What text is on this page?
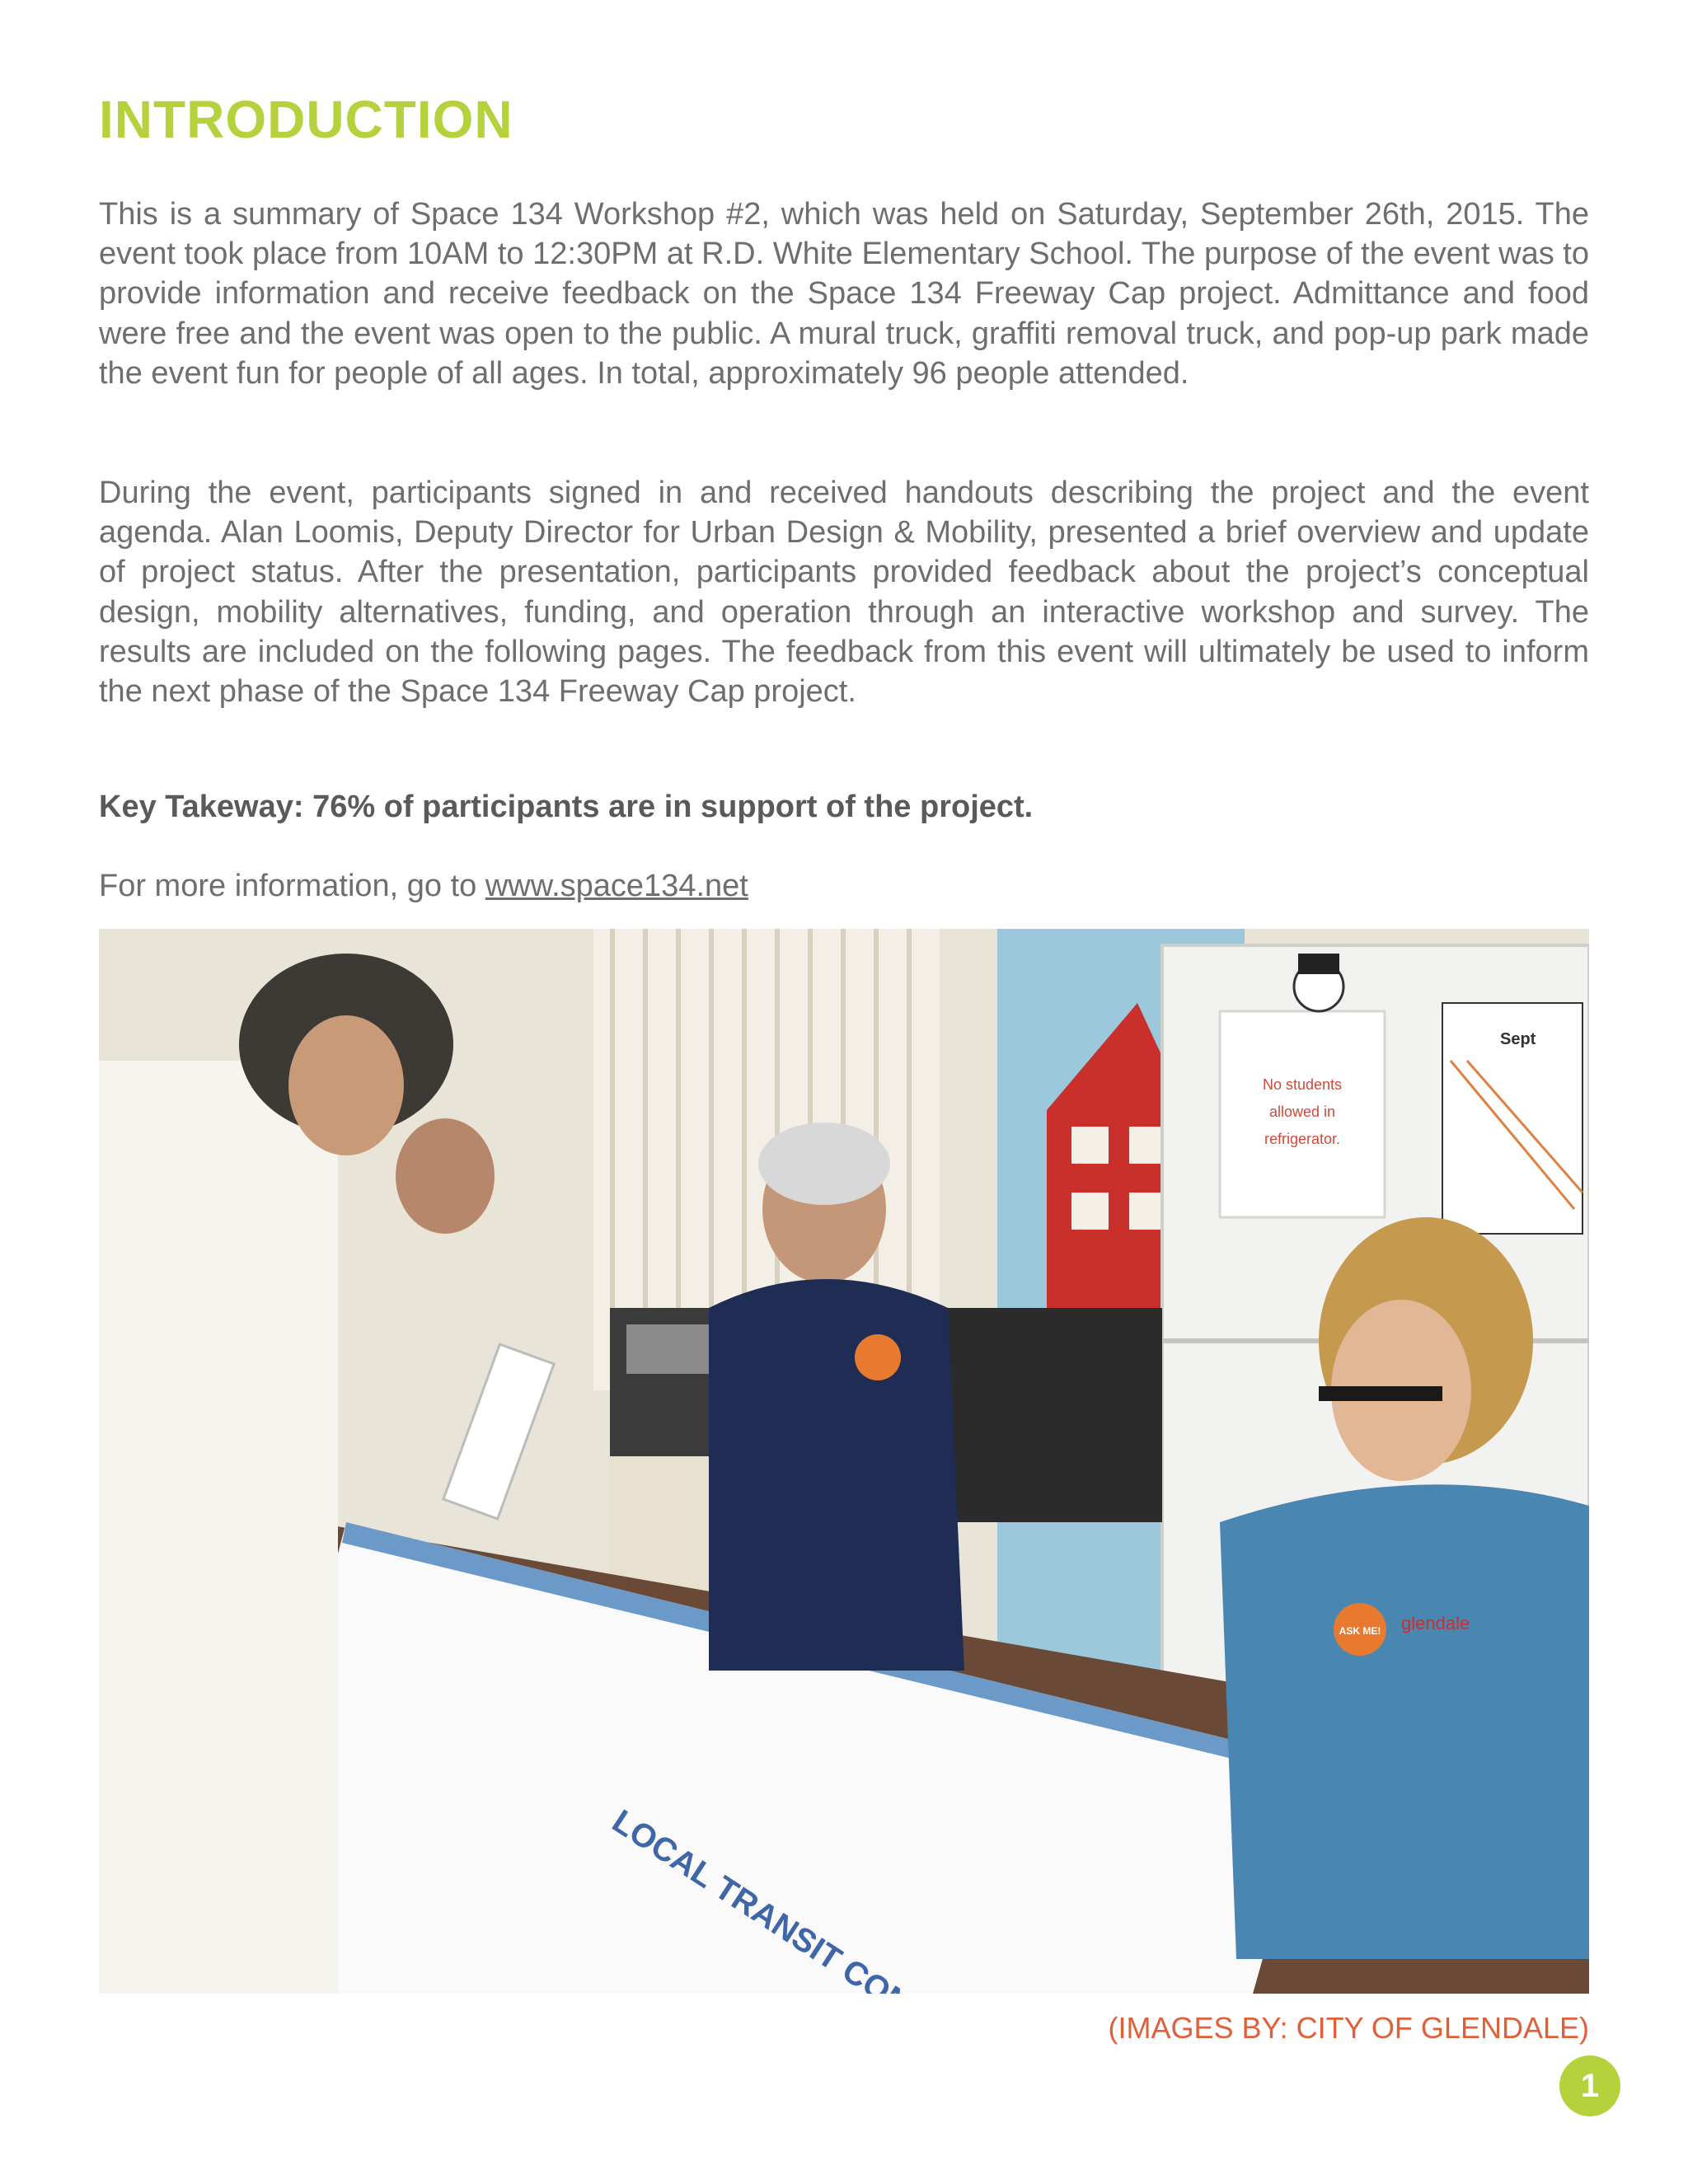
INTRODUCTION

This is a summary of Space 134 Workshop #2, which was held on Saturday, September 26th, 2015. The event took place from 10AM to 12:30PM at R.D. White Elementary School. The purpose of the event was to provide information and receive feedback on the Space 134 Freeway Cap project. Admittance and food were free and the event was open to the public. A mural truck, graffiti removal truck, and pop-up park made the event fun for people of all ages. In total, approximately 96 people attended.

During the event, participants signed in and received handouts describing the project and the event agenda. Alan Loomis, Deputy Director for Urban Design & Mobility, presented a brief overview and update of project status. After the presentation, participants provided feedback about the project’s conceptual design, mobility alternatives, funding, and operation through an interactive workshop and survey. The results are included on the following pages. The feedback from this event will ultimately be used to inform the next phase of the Space 134 Freeway Cap project.

Key Takeway: 76% of participants are in support of the project.

For more information, go to www.space134.net

No students
allowed in
refrigerator.
Sept
glendale
ASK ME!

(IMAGES BY: CITY OF GLENDALE)

1
